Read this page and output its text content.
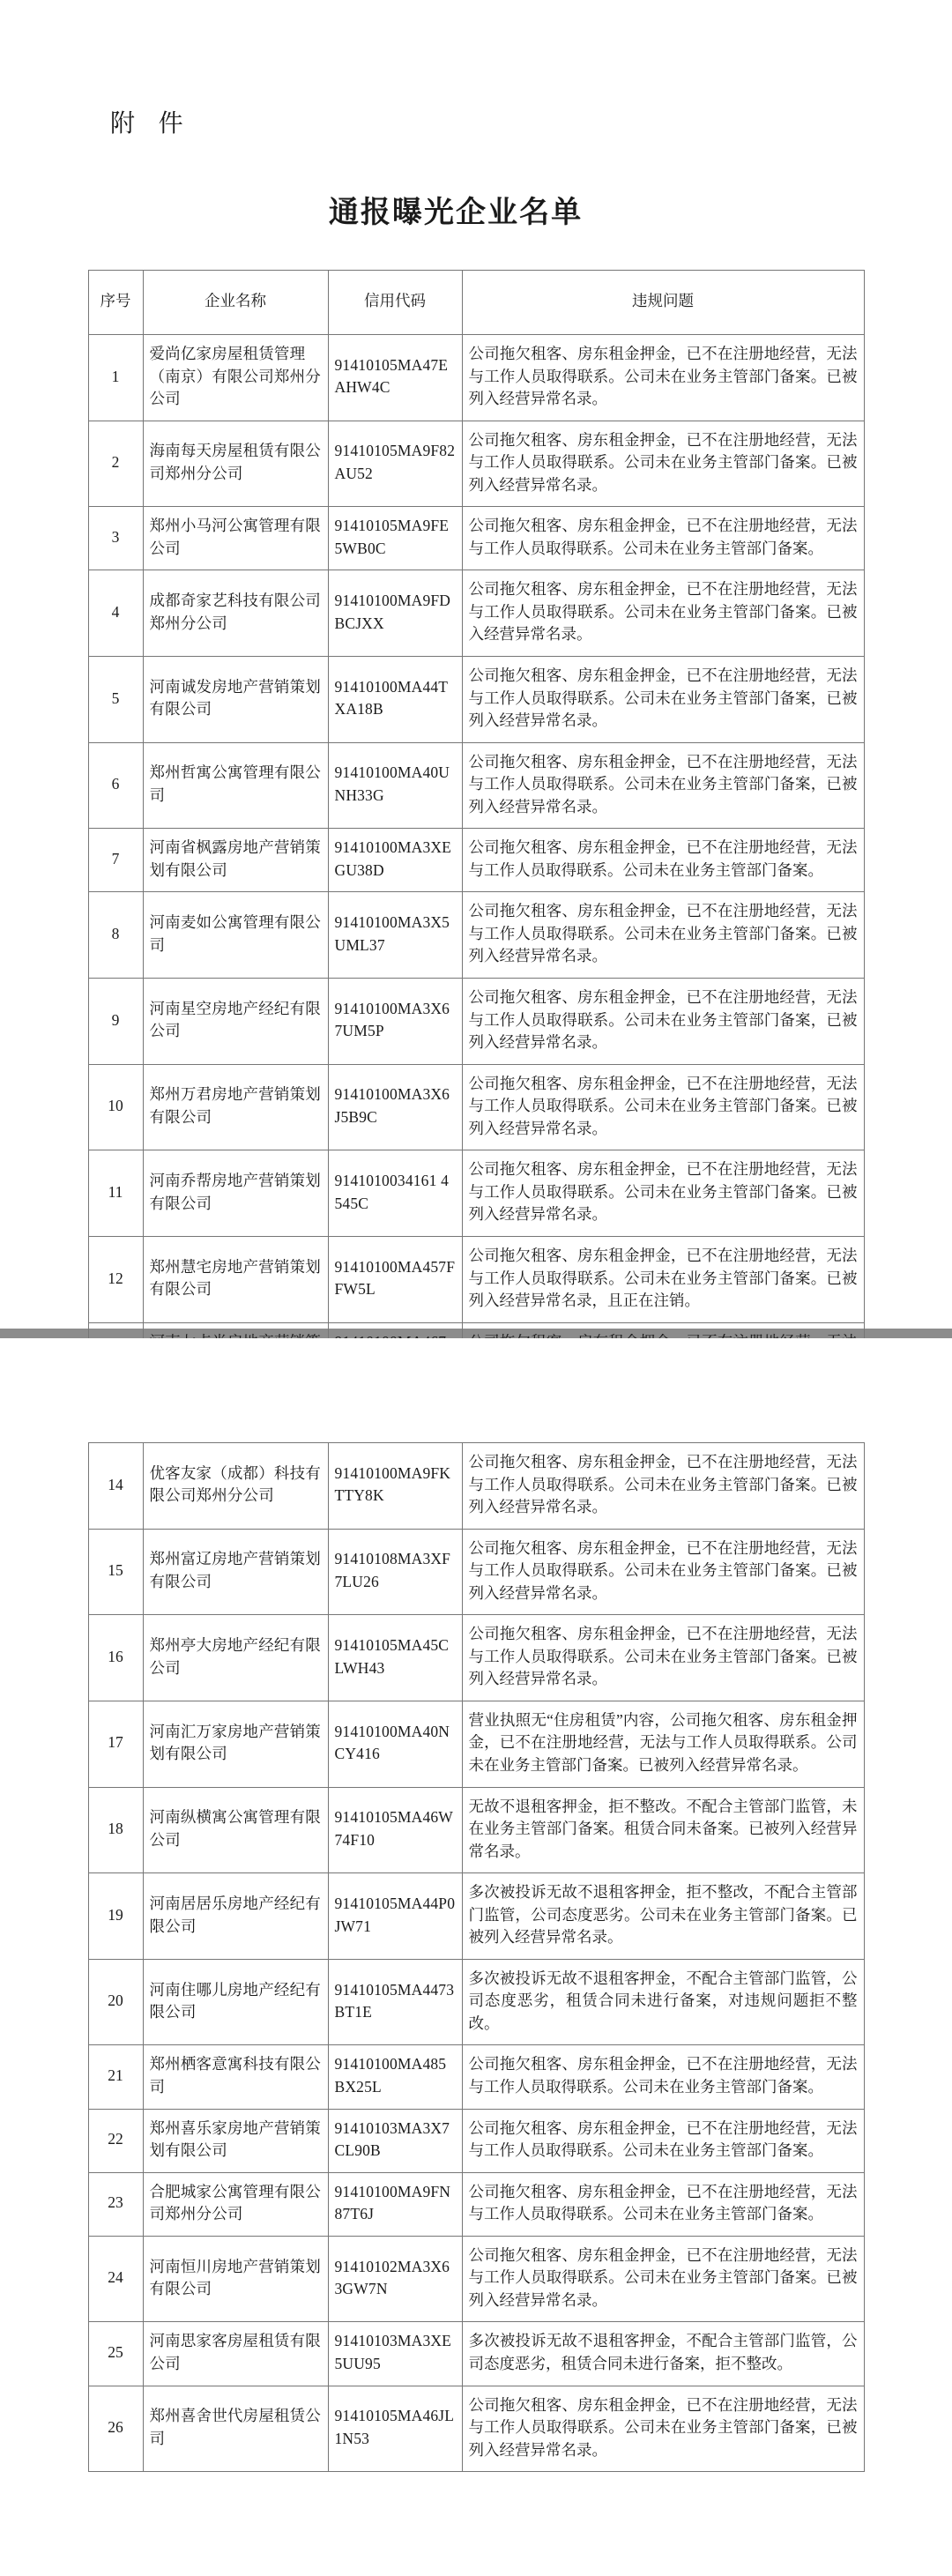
附 件
通报曝光企业名单
序号	企业名称	信用代码	违规问题
1	爱尚亿家房屋租赁管理（南京）有限公司郑州分公司	91410105MA47EAHW4C	公司拖欠租客、房东租金押金，已不在注册地经营，无法与工作人员取得联系。公司未在业务主管部门备案。已被列入经营异常名录。
2	海南每天房屋租赁有限公司郑州分公司	91410105MA9F82AU52	公司拖欠租客、房东租金押金，已不在注册地经营，无法与工作人员取得联系。公司未在业务主管部门备案。已被列入经营异常名录。
3	郑州小马河公寓管理有限公司	91410105MA9FE5WB0C	公司拖欠租客、房东租金押金，已不在注册地经营，无法与工作人员取得联系。公司未在业务主管部门备案。
4	成都奇家艺科技有限公司郑州分公司	91410100MA9FDBCJXX	公司拖欠租客、房东租金押金，已不在注册地经营，无法与工作人员取得联系。公司未在业务主管部门备案。已被入经营异常名录。
5	河南诚发房地产营销策划有限公司	91410100MA44TXA18B	公司拖欠租客、房东租金押金，已不在注册地经营，无法与工作人员取得联系。公司未在业务主管部门备案，已被列入经营异常名录。
6	郑州哲寓公寓管理有限公司	91410100MA40UNH33G	公司拖欠租客、房东租金押金，已不在注册地经营，无法与工作人员取得联系。公司未在业务主管部门备案，已被列入经营异常名录。
7	河南省枫露房地产营销策划有限公司	91410100MA3XEGU38D	公司拖欠租客、房东租金押金，已不在注册地经营，无法与工作人员取得联系。公司未在业务主管部门备案。
8	河南麦如公寓管理有限公司	91410100MA3X5UML37	公司拖欠租客、房东租金押金，已不在注册地经营，无法与工作人员取得联系。公司未在业务主管部门备案。已被列入经营异常名录。
9	河南星空房地产经纪有限公司	91410100MA3X67UM5P	公司拖欠租客、房东租金押金，已不在注册地经营，无法与工作人员取得联系。公司未在业务主管部门备案，已被列入经营异常名录。
10	郑州万君房地产营销策划有限公司	91410100MA3X6J5B9C	公司拖欠租客、房东租金押金，已不在注册地经营，无法与工作人员取得联系。公司未在业务主管部门备案。已被列入经营异常名录。
11	河南乔帮房地产营销策划有限公司	9141010034161 4545C	公司拖欠租客、房东租金押金，已不在注册地经营，无法与工作人员取得联系。公司未在业务主管部门备案。已被列入经营异常名录。
12	郑州慧宅房地产营销策划有限公司	91410100MA457FFW5L	公司拖欠租客、房东租金押金，已不在注册地经营，无法与工作人员取得联系。公司未在业务主管部门备案。已被列入经营异常名录，且正在注销。

14	优客友家（成都）科技有限公司郑州分公司	91410100MA9FKTTY8K	公司拖欠租客、房东租金押金，已不在注册地经营，无法与工作人员取得联系。公司未在业务主管部门备案。已被列入经营异常名录。
15	郑州富辽房地产营销策划有限公司	91410108MA3XF7LU26	公司拖欠租客、房东租金押金，已不在注册地经营，无法与工作人员取得联系。公司未在业务主管部门备案。已被列入经营异常名录。
16	郑州亭大房地产经纪有限公司	91410105MA45CLWH43	公司拖欠租客、房东租金押金，已不在注册地经营，无法与工作人员取得联系。公司未在业务主管部门备案。已被列入经营异常名录。
17	河南汇万家房地产营销策划有限公司	91410100MA40NCY416	营业执照无“住房租赁”内容，公司拖欠租客、房东租金押金，已不在注册地经营，无法与工作人员取得联系。公司未在业务主管部门备案。已被列入经营异常名录。
18	河南纵横寓公寓管理有限公司	91410105MA46W74F10	无故不退租客押金，拒不整改。不配合主管部门监管，未在业务主管部门备案。租赁合同未备案。已被列入经营异常名录。
19	河南居居乐房地产经纪有限公司	91410105MA44P0JW71	多次被投诉无故不退租客押金，拒不整改，不配合主管部门监管，公司态度恶劣。公司未在业务主管部门备案。已被列入经营异常名录。
20	河南住哪儿房地产经纪有限公司	91410105MA4473BT1E	多次被投诉无故不退租客押金，不配合主管部门监管，公司态度恶劣，租赁合同未进行备案，对违规问题拒不整改。
21	郑州栖客意寓科技有限公司	91410100MA485BX25L	公司拖欠租客、房东租金押金，已不在注册地经营，无法与工作人员取得联系。公司未在业务主管部门备案。
22	郑州喜乐家房地产营销策划有限公司	91410103MA3X7CL90B	公司拖欠租客、房东租金押金，已不在注册地经营，无法与工作人员取得联系。公司未在业务主管部门备案。
23	合肥城家公寓管理有限公司郑州分公司	91410100MA9FN87T6J	公司拖欠租客、房东租金押金，已不在注册地经营，无法与工作人员取得联系。公司未在业务主管部门备案。
24	河南恒川房地产营销策划有限公司	91410102MA3X63GW7N	公司拖欠租客、房东租金押金，已不在注册地经营，无法与工作人员取得联系。公司未在业务主管部门备案。已被列入经营异常名录。
25	河南思家客房屋租赁有限公司	91410103MA3XE5UU95	多次被投诉无故不退租客押金，不配合主管部门监管，公司态度恶劣，租赁合同未进行备案，拒不整改。
26	郑州喜舍世代房屋租赁公司	91410105MA46JL1N53	公司拖欠租客、房东租金押金，已不在注册地经营，无法与工作人员取得联系。公司未在业务主管部门备案，已被列入经营异常名录。
